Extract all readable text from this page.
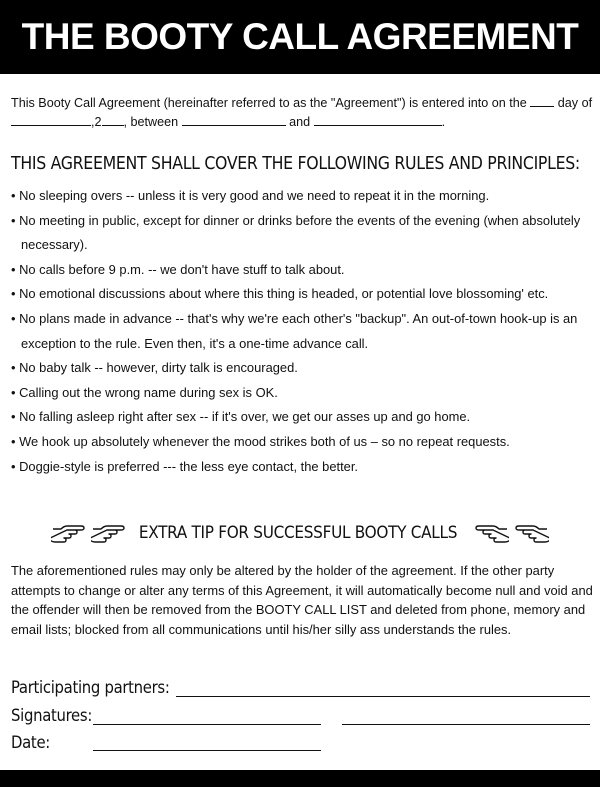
THE BOOTY CALL AGREEMENT
This Booty Call Agreement (hereinafter referred to as the "Agreement") is entered into on the day of ,2 , between	and	.
THIS AGREEMENT SHALL COVER THE FOLLOWING RULES AND PRINCIPLES:
• No sleeping overs -- unless it is very good and we need to repeat it in the morning.
• No meeting in public, except for dinner or drinks before the events of the evening (when absolutely necessary).
• No calls before 9 p.m. -- we don't have stuff to talk about.
• No emotional discussions about where this thing is headed, or potential love blossoming' etc.
• No plans made in advance -- that's why we're each other's "backup". An out-of-town hook-up is an exception to the rule. Even then, it's a one-time advance call.
• No baby talk -- however, dirty talk is encouraged.
• Calling out the wrong name during sex is OK.
• No falling asleep right after sex -- if it's over, we get our asses up and go home.
• We hook up absolutely whenever the mood strikes both of us – so no repeat requests.
• Doggie-style is preferred --- the less eye contact, the better.
EXTRA TIP FOR SUCCESSFUL BOOTY CALLS
The aforementioned rules may only be altered by the holder of the agreement. If the other party attempts to change or alter any terms of this Agreement, it will automatically become null and void and the offender will then be removed from the BOOTY CALL LIST and deleted from phone, memory and email lists; blocked from all communications until his/her silly ass understands the rules.
Participating partners:
Signatures:
Date:
